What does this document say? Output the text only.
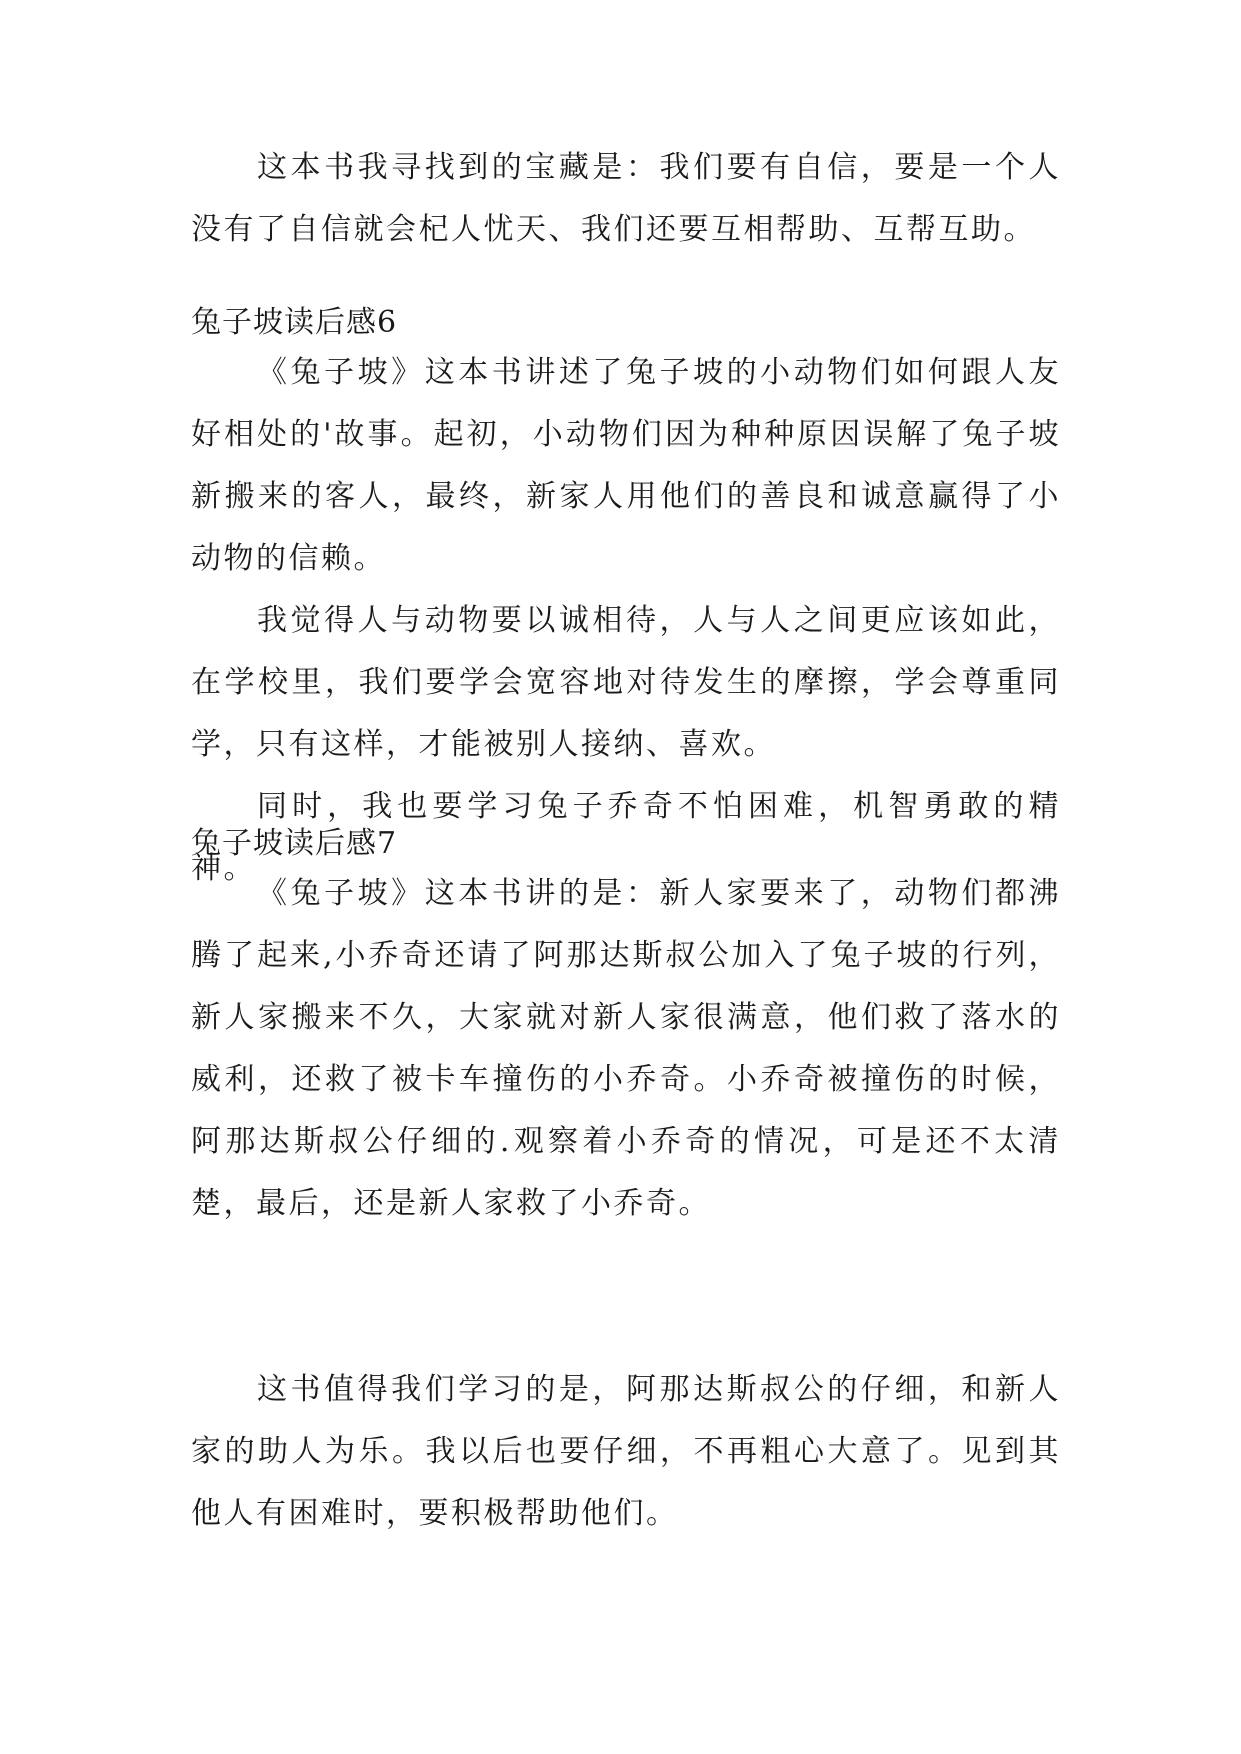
这本书我寻找到的宝藏是：我们要有自信，要是一个人没有了自信就会杞人忧天、我们还要互相帮助、互帮互助。

兔子坡读后感6

《兔子坡》这本书讲述了兔子坡的小动物们如何跟人友好相处的'故事。起初，小动物们因为种种原因误解了兔子坡新搬来的客人，最终，新家人用他们的善良和诚意赢得了小动物的信赖。

我觉得人与动物要以诚相待，人与人之间更应该如此，在学校里，我们要学会宽容地对待发生的摩擦，学会尊重同学，只有这样，才能被别人接纳、喜欢。

同时，我也要学习兔子乔奇不怕困难，机智勇敢的精神。

兔子坡读后感7

《兔子坡》这本书讲的是：新人家要来了，动物们都沸腾了起来,小乔奇还请了阿那达斯叔公加入了兔子坡的行列，新人家搬来不久，大家就对新人家很满意，他们救了落水的威利，还救了被卡车撞伤的小乔奇。小乔奇被撞伤的时候，阿那达斯叔公仔细的.观察着小乔奇的情况，可是还不太清楚，最后，还是新人家救了小乔奇。

这书值得我们学习的是，阿那达斯叔公的仔细，和新人家的助人为乐。我以后也要仔细，不再粗心大意了。见到其他人有困难时，要积极帮助他们。
